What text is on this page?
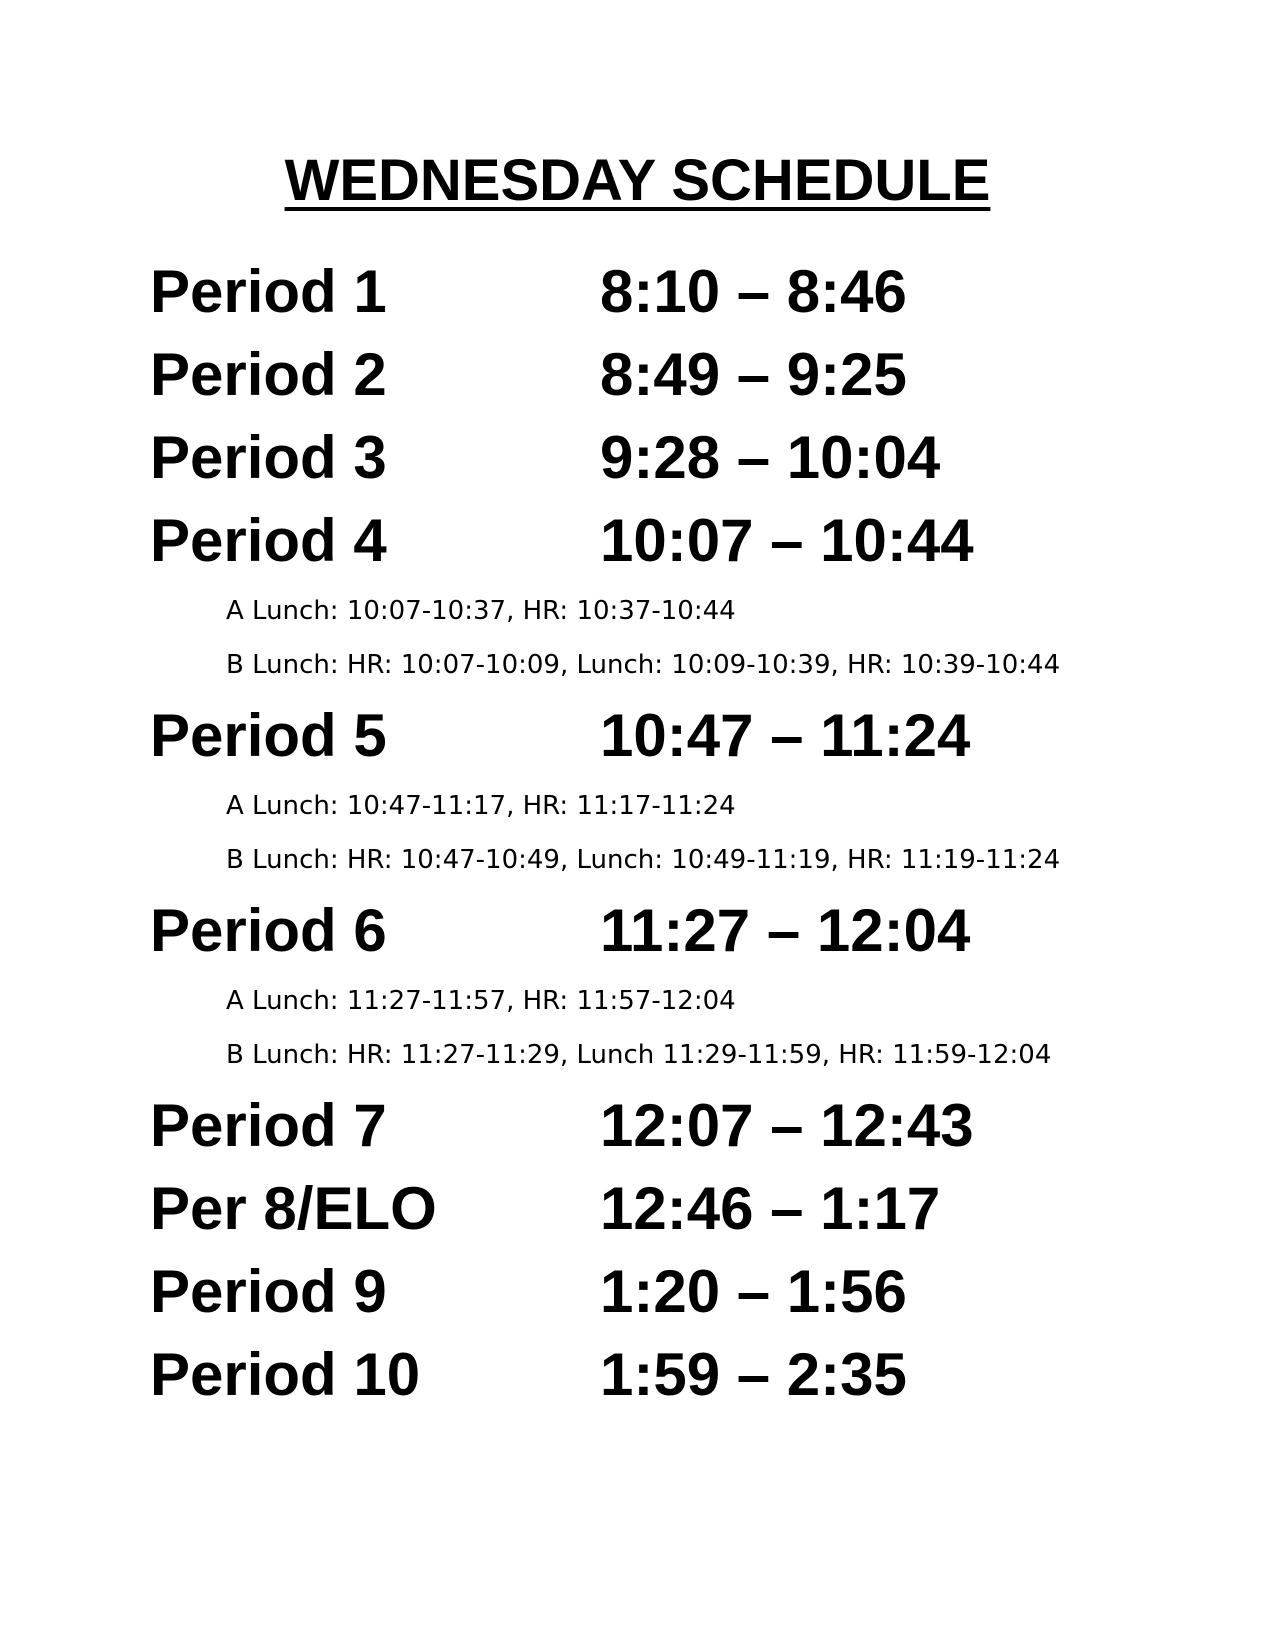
WEDNESDAY SCHEDULE
Period 1	8:10 – 8:46
Period 2	8:49 – 9:25
Period 3	9:28 – 10:04
Period 4	10:07 – 10:44
A Lunch: 10:07-10:37, HR: 10:37-10:44
B Lunch: HR: 10:07-10:09, Lunch: 10:09-10:39, HR: 10:39-10:44
Period 5	10:47 – 11:24
A Lunch: 10:47-11:17, HR: 11:17-11:24
B Lunch: HR: 10:47-10:49, Lunch: 10:49-11:19, HR: 11:19-11:24
Period 6	11:27 – 12:04
A Lunch: 11:27-11:57, HR: 11:57-12:04
B Lunch: HR: 11:27-11:29, Lunch 11:29-11:59, HR: 11:59-12:04
Period 7	12:07 – 12:43
Per 8/ELO	12:46 – 1:17
Period 9	1:20 – 1:56
Period 10	1:59 – 2:35
